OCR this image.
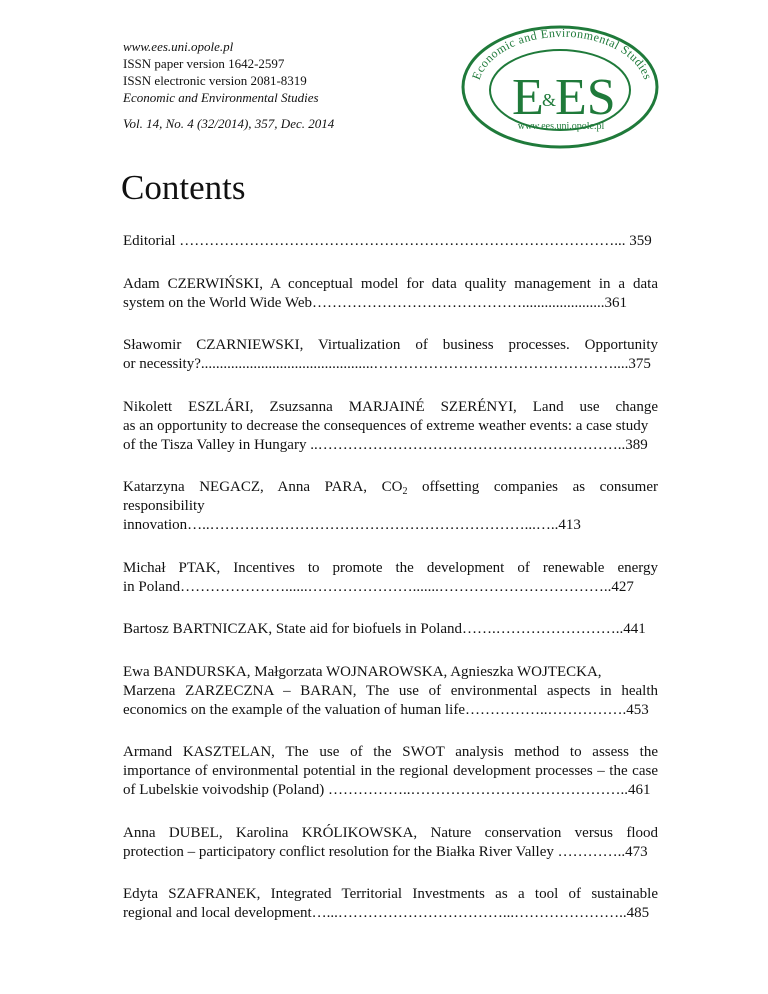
www.ees.uni.opole.pl
ISSN paper version 1642-2597
ISSN electronic version 2081-8319
Economic and Environmental Studies
Vol. 14, No. 4 (32/2014), 357, Dec. 2014
Economic and Environmental Studies
E
&
ES
www.ees.uni.opole.pl
Contents

Editorial ……………………………………………………………………………... 359

Adam CZERWIŃSKI, A conceptual model for data quality management in a data
system on the World Wide Web……………………………………......................361

Sławomir CZARNIEWSKI, Virtualization of business processes. Opportunity
or necessity?..............................................…………………………………………....375

Nikolett ESZLÁRI, Zsuzsanna MARJAINÉ SZERÉNYI, Land use change
as an opportunity to decrease the consequences of extreme weather events: a case study
of the Tisza Valley in Hungary ..……………………………………………………..389

Katarzyna NEGACZ, Anna PARA, $CO_2$ offsetting companies as consumer
responsibility innovation…..………………………………………………………...…..413

Michał PTAK, Incentives to promote the development of renewable energy
in Poland…………………......………………….......……………………………..427

Bartosz BARTNICZAK, State aid for biofuels in Poland…….……………………..441

Ewa BANDURSKA, Małgorzata WOJNAROWSKA, Agnieszka WOJTECKA,
Marzena ZARZECZNA – BARAN, The use of environmental aspects in health
economics on the example of the valuation of human life……………..…………….453

Armand KASZTELAN, The use of the SWOT analysis method to assess the
importance of environmental potential in the regional development processes – the case
of Lubelskie voivodship (Poland) ……………..……………………………………..461

Anna DUBEL, Karolina KRÓLIKOWSKA, Nature conservation versus flood
protection – participatory conflict resolution for the Białka River Valley …………..473

Edyta SZAFRANEK, Integrated Territorial Investments as a tool of sustainable
regional and local development…...……………………………...…………………..485
